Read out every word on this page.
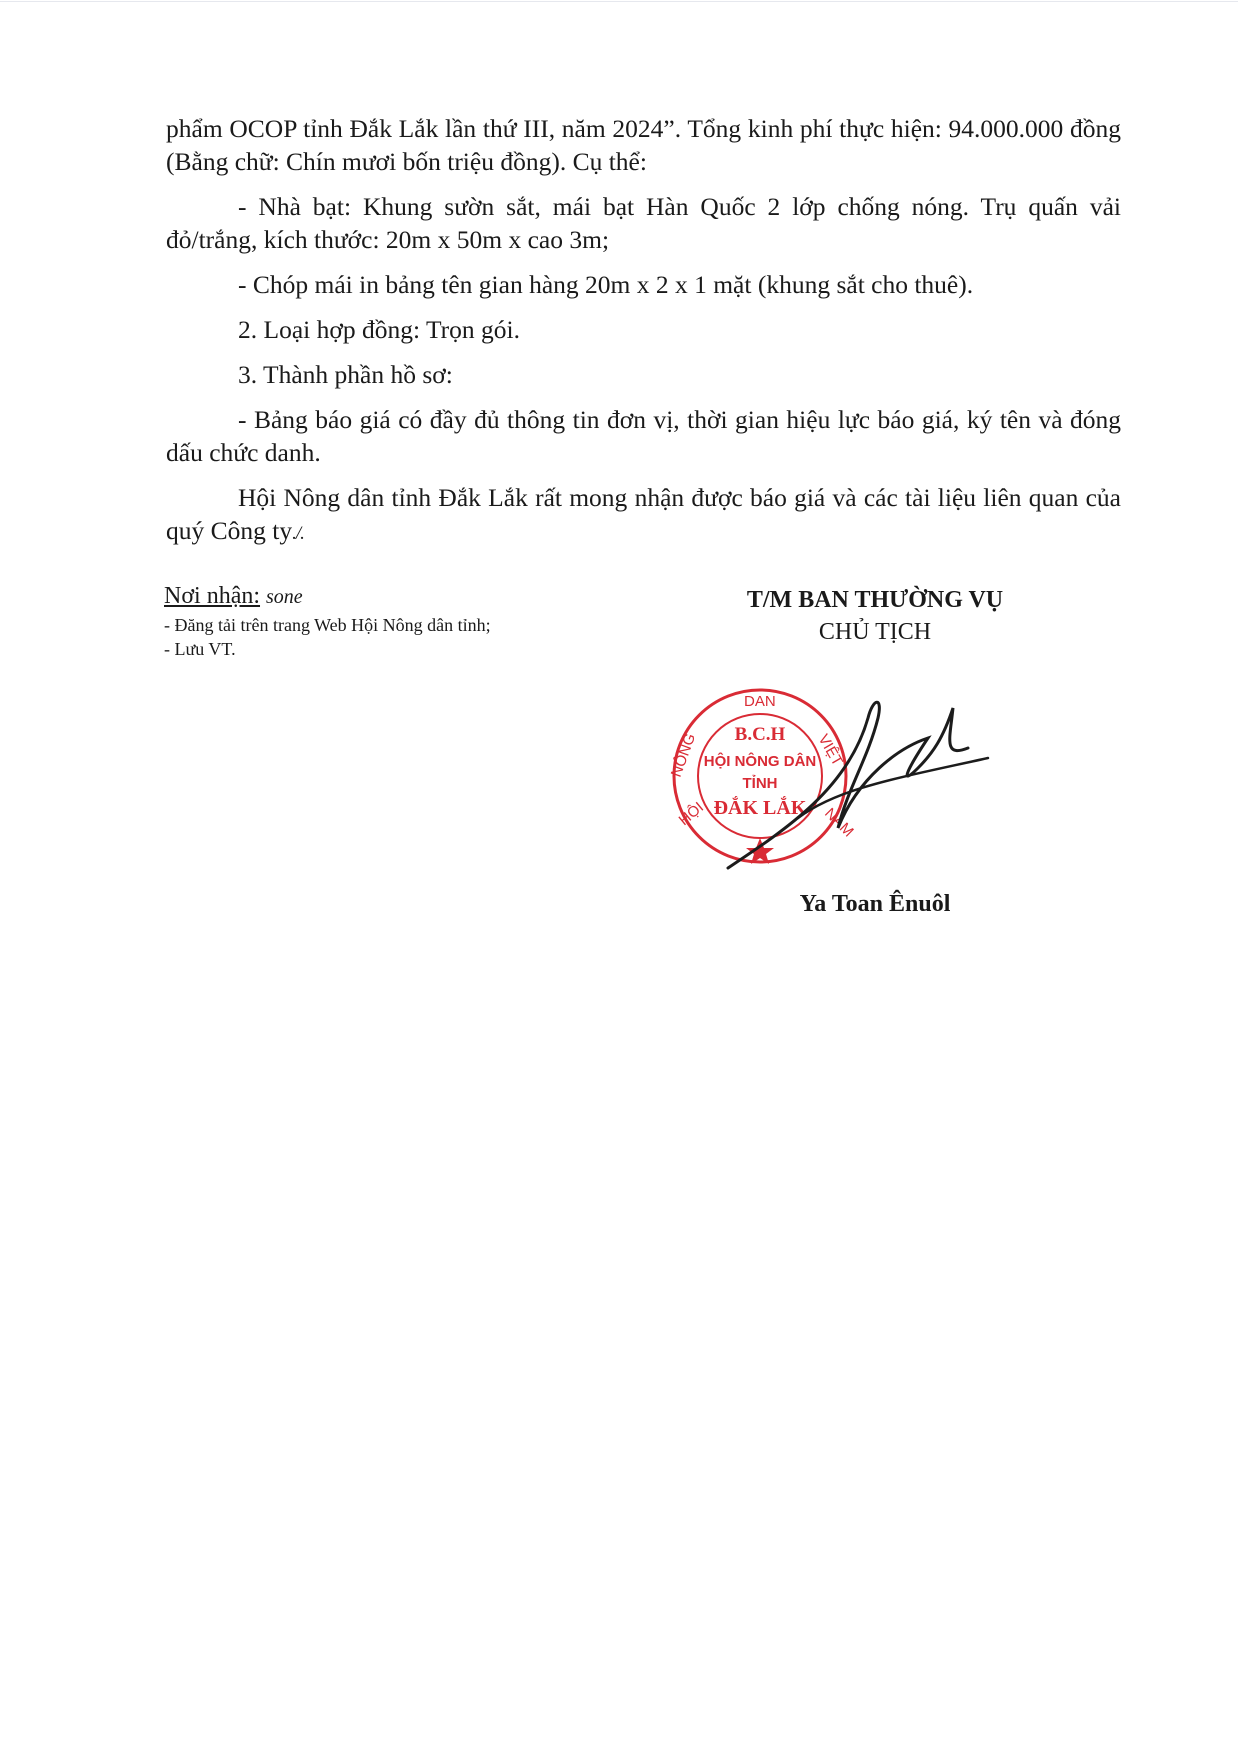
phẩm OCOP tỉnh Đắk Lắk lần thứ III, năm 2024”. Tổng kinh phí thực hiện: 94.000.000 đồng (Bằng chữ: Chín mươi bốn triệu đồng). Cụ thể:

- Nhà bạt: Khung sườn sắt, mái bạt Hàn Quốc 2 lớp chống nóng. Trụ quấn vải đỏ/trắng, kích thước: 20m x 50m x cao 3m;

- Chóp mái in bảng tên gian hàng 20m x 2 x 1 mặt (khung sắt cho thuê).

2. Loại hợp đồng: Trọn gói.

3. Thành phần hồ sơ:

- Bảng báo giá có đầy đủ thông tin đơn vị, thời gian hiệu lực báo giá, ký tên và đóng dấu chức danh.

Hội Nông dân tỉnh Đắk Lắk rất mong nhận được báo giá và các tài liệu liên quan của quý Công ty./.

Nơi nhận: sone
- Đăng tải trên trang Web Hội Nông dân tỉnh;
- Lưu VT.
T/M BAN THƯỜNG VỤ
CHỦ TỊCH
DAN
NÔNG	VIỆT
HỘI	NAM
B.C.H
HỘI NÔNG DÂN
TỈNH
ĐẮK LẮK
Ya Toan Ênuôl
